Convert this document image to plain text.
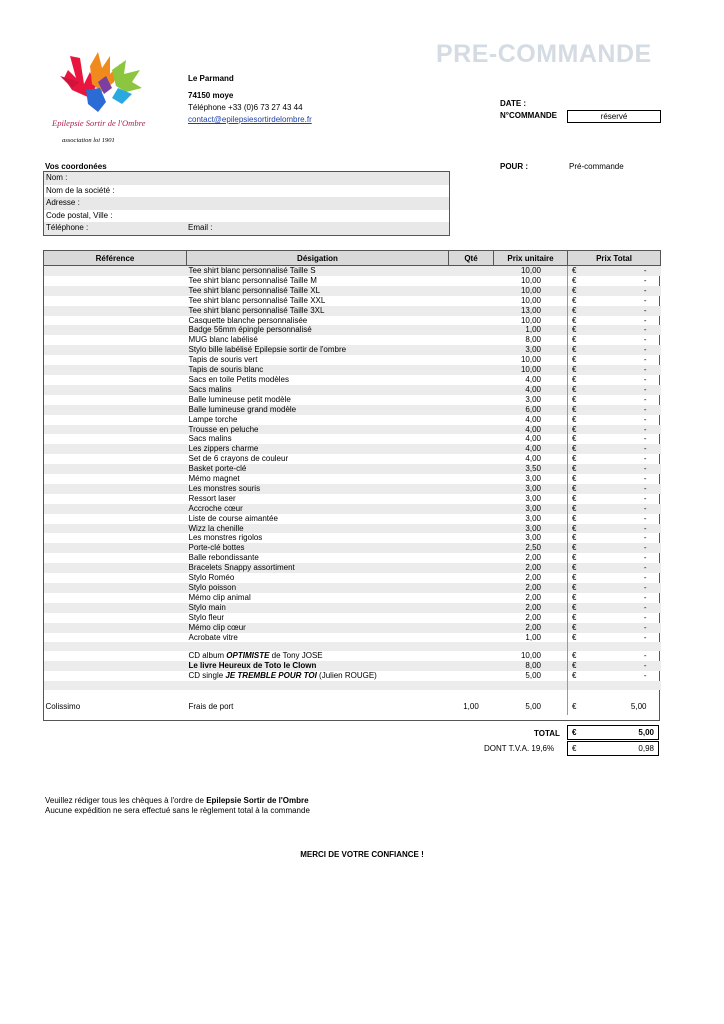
Epilepsie Sortir de l'Ombre
association loi 1901
PRE-COMMANDE
Le Parmand
74150 moye
Téléphone +33 (0)6 73 27 43 44
contact@epilepsiesortirdelombre.fr
DATE :
N°COMMANDE	réservé
POUR :	Pré-commande
Vos coordonées
Nom :
Nom de la société :
Adresse :
Code postal, Ville :
Téléphone :	Email :
Référence	Désigation	Qté	Prix unitaire	Prix Total
	Tee shirt blanc personnalisé Taille S		10,00	€ -

	Tee shirt blanc personnalisé Taille M		10,00	€ -

	Tee shirt blanc personnalisé Taille XL		10,00	€ -

	Tee shirt blanc personnalisé Taille XXL		10,00	€ -

	Tee shirt blanc personnalisé Taille 3XL		13,00	€ -

	Casquette blanche personnalisée		10,00	€ -

	Badge 56mm épingle personnalisé		1,00	€ -

	MUG blanc labélisé		8,00	€ -

	Stylo bille labélisé Epilepsie sortir de l'ombre		3,00	€ -

	Tapis de souris vert		10,00	€ -

	Tapis de souris blanc		10,00	€ -

	Sacs en toile Petits modèles		4,00	€ -

	Sacs malins		4,00	€ -

	Balle lumineuse petit modèle		3,00	€ -

	Balle lumineuse grand modèle		6,00	€ -

	Lampe torche		4,00	€ -

	Trousse en peluche		4,00	€ -

	Sacs malins		4,00	€ -

	Les zippers charme		4,00	€ -

	Set de 6 crayons de couleur		4,00	€ -

	Basket porte-clé		3,50	€ -

	Mémo magnet		3,00	€ -

	Les monstres souris		3,00	€ -

	Ressort laser		3,00	€ -

	Accroche cœur		3,00	€ -

	Liste de course aimantée		3,00	€ -

	Wizz la chenille		3,00	€ -

	Les monstres rigolos		3,00	€ -

	Porte-clé bottes		2,50	€ -

	Balle rebondissante		2,00	€ -

	Bracelets Snappy assortiment		2,00	€ -

	Stylo Roméo		2,00	€ -

	Stylo poisson		2,00	€ -

	Mémo clip animal		2,00	€ -

	Stylo main		2,00	€ -

	Stylo fleur		2,00	€ -

	Mémo clip cœur		2,00	€ -

	Acrobate vitre		1,00	€ -

	CD album OPTIMISTE de Tony JOSE		10,00	€ -

	Le livre Heureux de Toto le Clown		8,00	€ -

	CD single JE TREMBLE POUR TOI (Julien ROUGE)		5,00	€ -

Colissimo	Frais de port	1,00	5,00	€ 5,00
TOTAL €	5,00
DONT T.V.A. 19,6% €	0,98
Veuillez rédiger tous les chèques à l'ordre de Epilepsie Sortir de l'Ombre
Aucune expédition ne sera effectué sans le règlement total à la commande
MERCI DE VOTRE CONFIANCE !
